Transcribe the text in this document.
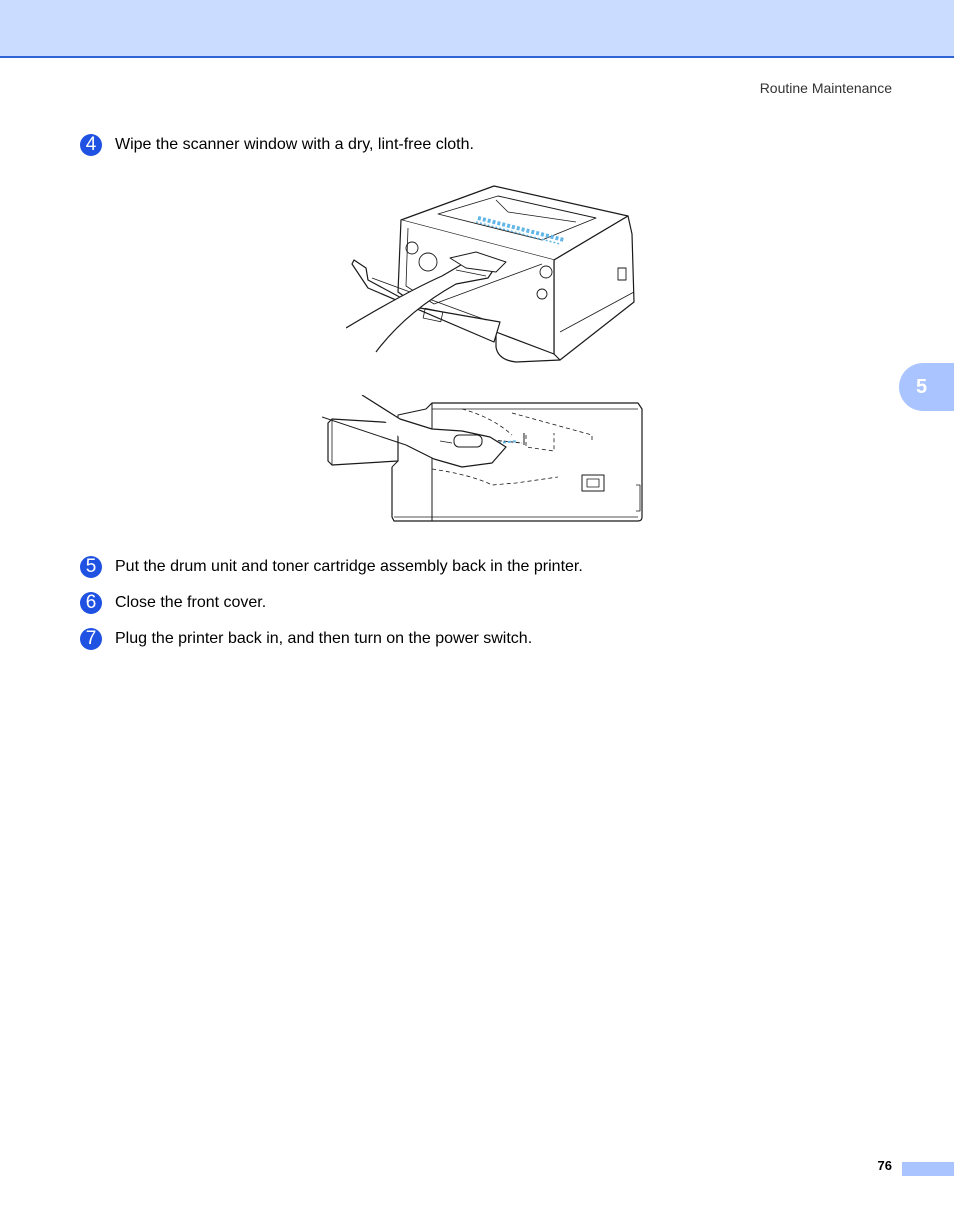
Routine Maintenance
5
4	Wipe the scanner window with a dry, lint-free cloth.
5	Put the drum unit and toner cartridge assembly back in the printer.
6	Close the front cover.
7	Plug the printer back in, and then turn on the power switch.
76
